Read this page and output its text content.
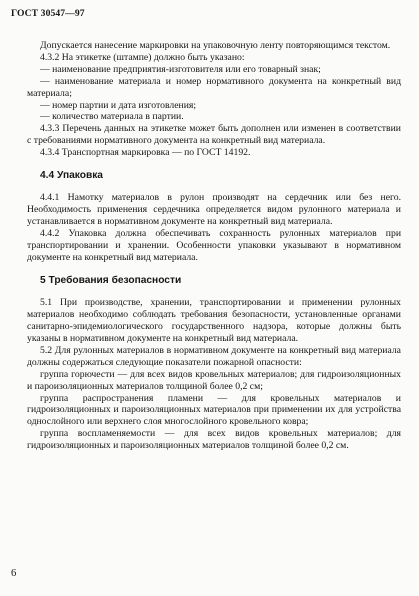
ГОСТ 30547—97

Допускается нанесение маркировки на упаковочную ленту повторяющимся текстом.

4.3.2 На этикетке (штампе) должно быть указано:

— наименование предприятия-изготовителя или его товарный знак;

— наименование материала и номер нормативного документа на конкретный вид материала;

— номер партии и дата изготовления;

— количество материала в партии.

4.3.3 Перечень данных на этикетке может быть дополнен или изменен в соответствии с требованиями нормативного документа на конкретный вид материала.

4.3.4 Транспортная маркировка — по ГОСТ 14192.

4.4 Упаковка

4.4.1 Намотку материалов в рулон производят на сердечник или без него. Необходимость применения сердечника определяется видом рулонного материала и устанавливается в нормативном документе на конкретный вид материала.

4.4.2 Упаковка должна обеспечивать сохранность рулонных материалов при транспортировании и хранении. Особенности упаковки указывают в нормативном документе на конкретный вид материала.

5 Требования безопасности

5.1 При производстве, хранении, транспортировании и применении рулонных материалов необходимо соблюдать требования безопасности, установленные органами санитарно-эпидемиологического государственного надзора, которые должны быть указаны в нормативном документе на конкретный вид материала.

5.2 Для рулонных материалов в нормативном документе на конкретный вид материала должны содержаться следующие показатели пожарной опасности:

группа горючести — для всех видов кровельных материалов; для гидроизоляционных и пароизоляционных материалов толщиной более 0,2 см;

группа распространения пламени — для кровельных материалов и гидроизоляционных и пароизоляционных материалов при применении их для устройства однослойного или верхнего слоя многослойного кровельного ковра;

группа воспламеняемости — для всех видов кровельных материалов; для гидроизоляционных и пароизоляционных материалов толщиной более 0,2 см.

6
